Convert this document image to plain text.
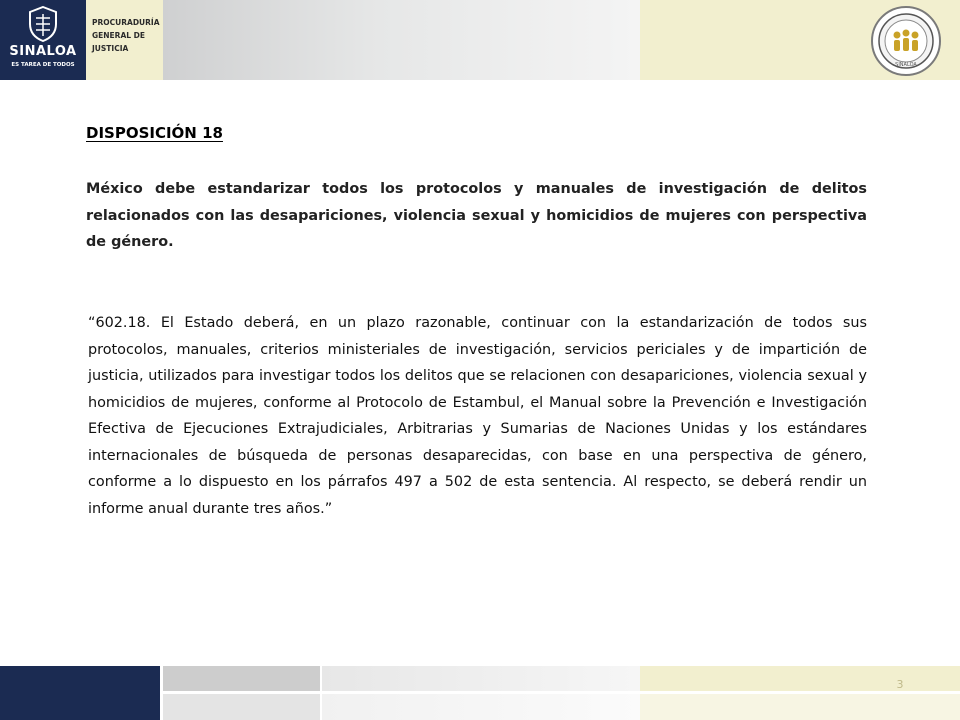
SINALOA
ES TAREA DE TODOS
PROCURADURÍA
GENERAL DE
JUSTICIA
SINALOA
DISPOSICIÓN 18
México debe estandarizar todos los protocolos y manuales de investigación de delitos relacionados con las desapariciones, violencia sexual y homicidios de mujeres con perspectiva de género.
“602.18. El Estado deberá, en un plazo razonable, continuar con la estandarización de todos sus protocolos, manuales, criterios ministeriales de investigación, servicios periciales y de impartición de justicia, utilizados para investigar todos los delitos que se relacionen con desapariciones, violencia sexual y homicidios de mujeres, conforme al Protocolo de Estambul, el Manual sobre la Prevención e Investigación Efectiva de Ejecuciones Extrajudiciales, Arbitrarias y Sumarias de Naciones Unidas y los estándares internacionales de búsqueda de personas desaparecidas, con base en una perspectiva de género, conforme a lo dispuesto en los párrafos 497 a 502 de esta sentencia. Al respecto, se deberá rendir un informe anual durante tres años.”
3
